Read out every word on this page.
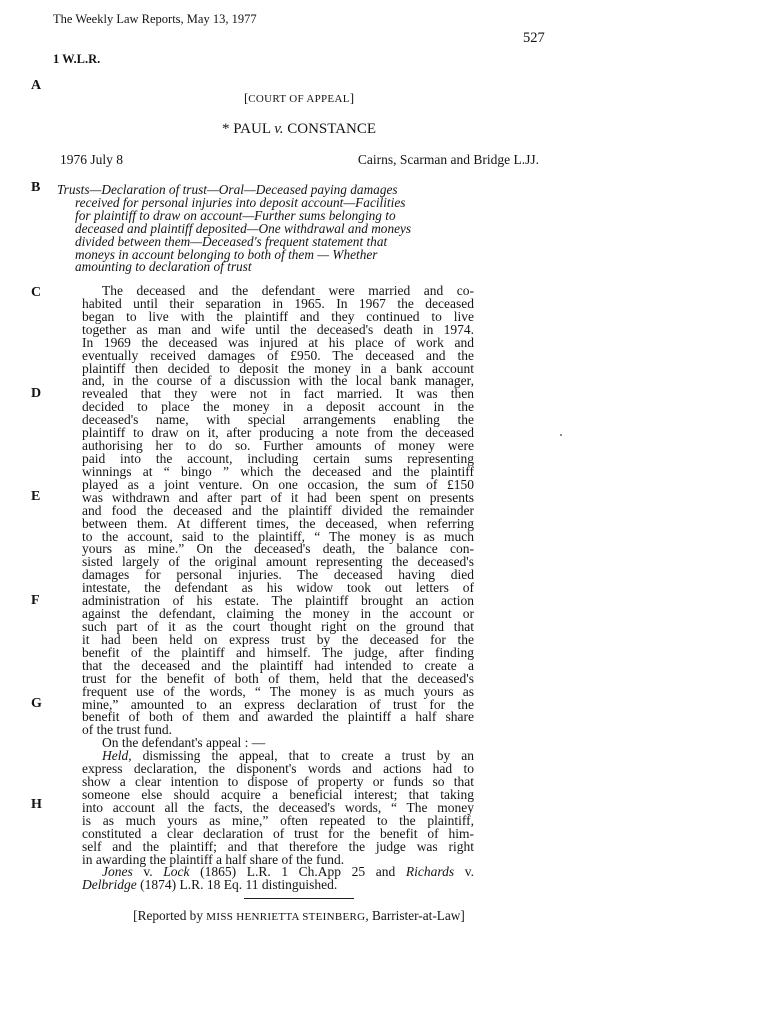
The Weekly Law Reports, May 13, 1977
527
1 W.L.R.
A
B
C
D
E
F
G
H
[COURT OF APPEAL]
* PAUL v. CONSTANCE
1976 July 8	Cairns, Scarman and Bridge L.JJ.
Trusts—Declaration of trust—Oral—Deceased paying damages
received for personal injuries into deposit account—Facilities
for plaintiff to draw on account—Further sums belonging to
deceased and plaintiff deposited—One withdrawal and moneys
divided between them—Deceased's frequent statement that
moneys in account belonging to both of them — Whether
amounting to declaration of trust
The deceased and the defendant were married and co-
habited until their separation in 1965. In 1967 the deceased
began to live with the plaintiff and they continued to live
together as man and wife until the deceased's death in 1974.
In 1969 the deceased was injured at his place of work and
eventually received damages of £950. The deceased and the
plaintiff then decided to deposit the money in a bank account
and, in the course of a discussion with the local bank manager,
revealed that they were not in fact married. It was then
decided to place the money in a deposit account in the
deceased's name, with special arrangements enabling the
plaintiff to draw on it, after producing a note from the deceased
authorising her to do so. Further amounts of money were
paid into the account, including certain sums representing
winnings at “ bingo ” which the deceased and the plaintiff
played as a joint venture. On one occasion, the sum of £150
was withdrawn and after part of it had been spent on presents
and food the deceased and the plaintiff divided the remainder
between them. At different times, the deceased, when referring
to the account, said to the plaintiff, “ The money is as much
yours as mine.” On the deceased's death, the balance con-
sisted largely of the original amount representing the deceased's
damages for personal injuries. The deceased having died
intestate, the defendant as his widow took out letters of
administration of his estate. The plaintiff brought an action
against the defendant, claiming the money in the account or
such part of it as the court thought right on the ground that
it had been held on express trust by the deceased for the
benefit of the plaintiff and himself. The judge, after finding
that the deceased and the plaintiff had intended to create a
trust for the benefit of both of them, held that the deceased's
frequent use of the words, “ The money is as much yours as
mine,” amounted to an express declaration of trust for the
benefit of both of them and awarded the plaintiff a half share
of the trust fund.
On the defendant's appeal : —
Held, dismissing the appeal, that to create a trust by an
express declaration, the disponent's words and actions had to
show a clear intention to dispose of property or funds so that
someone else should acquire a beneficial interest; that taking
into account all the facts, the deceased's words, “ The money
is as much yours as mine,” often repeated to the plaintiff,
constituted a clear declaration of trust for the benefit of him-
self and the plaintiff; and that therefore the judge was right
in awarding the plaintiff a half share of the fund.
Jones v. Lock (1865) L.R. 1 Ch.App 25 and Richards v.
Delbridge (1874) L.R. 18 Eq. 11 distinguished.
[Reported by MISS HENRIETTA STEINBERG, Barrister-at-Law]
